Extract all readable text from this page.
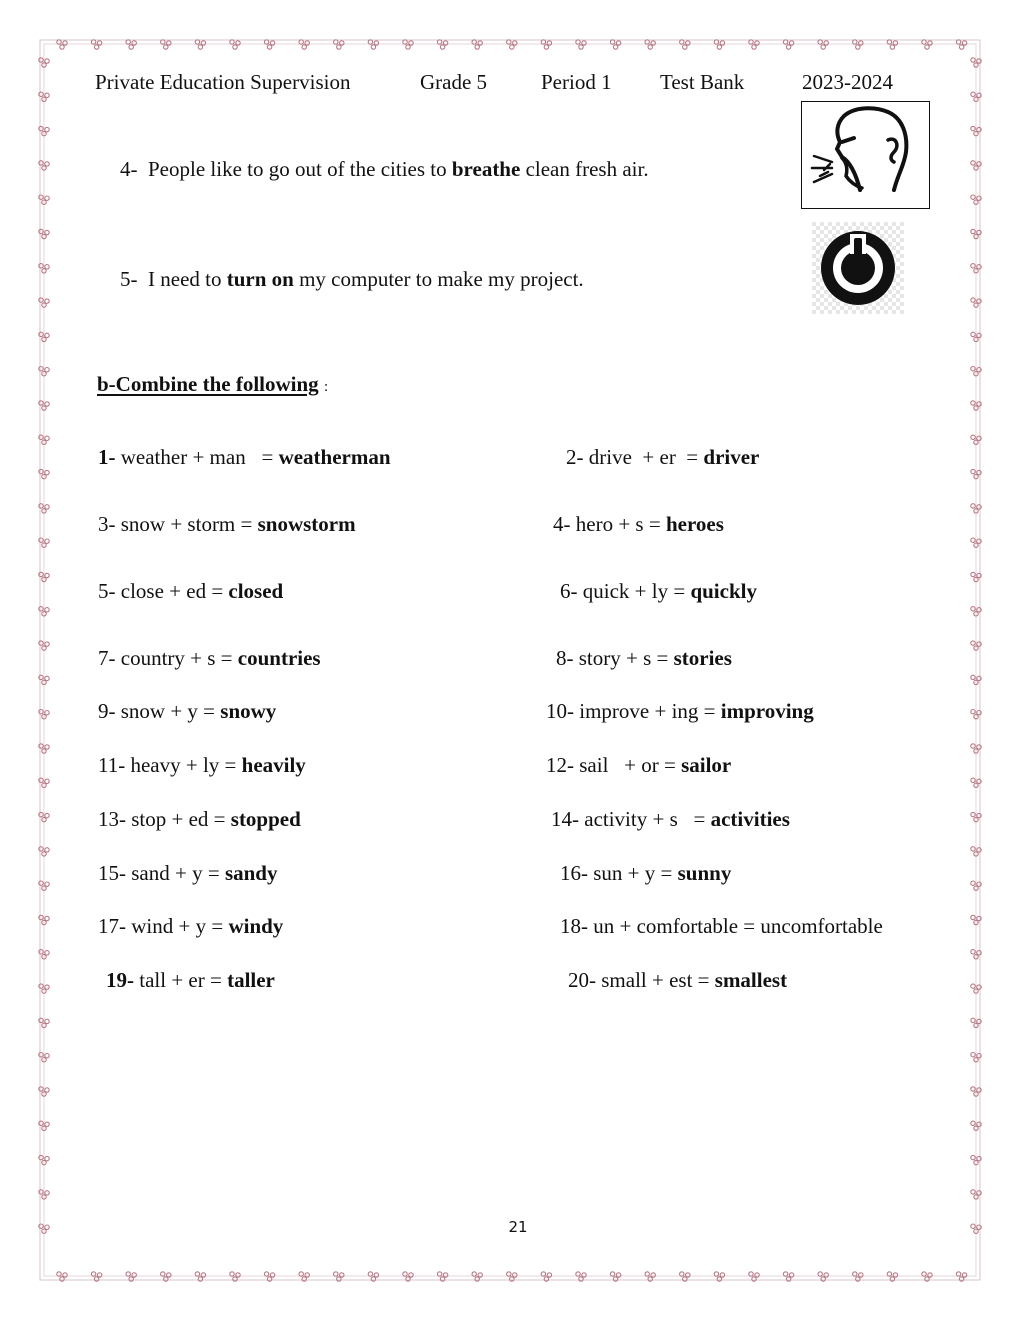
Private Education Supervision	Grade 5	Period 1 Test Bank	2023-2024
4- People like to go out of the cities to breathe clean fresh air.
5- I need to turn on my computer to make my project.
b-Combine the following :
1- weather + man   = weatherman	2- drive  + er  = driver
3- snow + storm = snowstorm	4- hero + s = heroes
5- close + ed = closed	6- quick + ly = quickly
7- country + s = countries	8- story + s = stories
9- snow + y = snowy	10- improve + ing = improving
11- heavy + ly = heavily	12- sail   + or = sailor
13- stop + ed = stopped	14- activity + s   = activities
15- sand + y = sandy	16- sun + y = sunny
17- wind + y = windy	18- un + comfortable = uncomfortable
19- tall + er = taller	20- small + est = smallest
21
